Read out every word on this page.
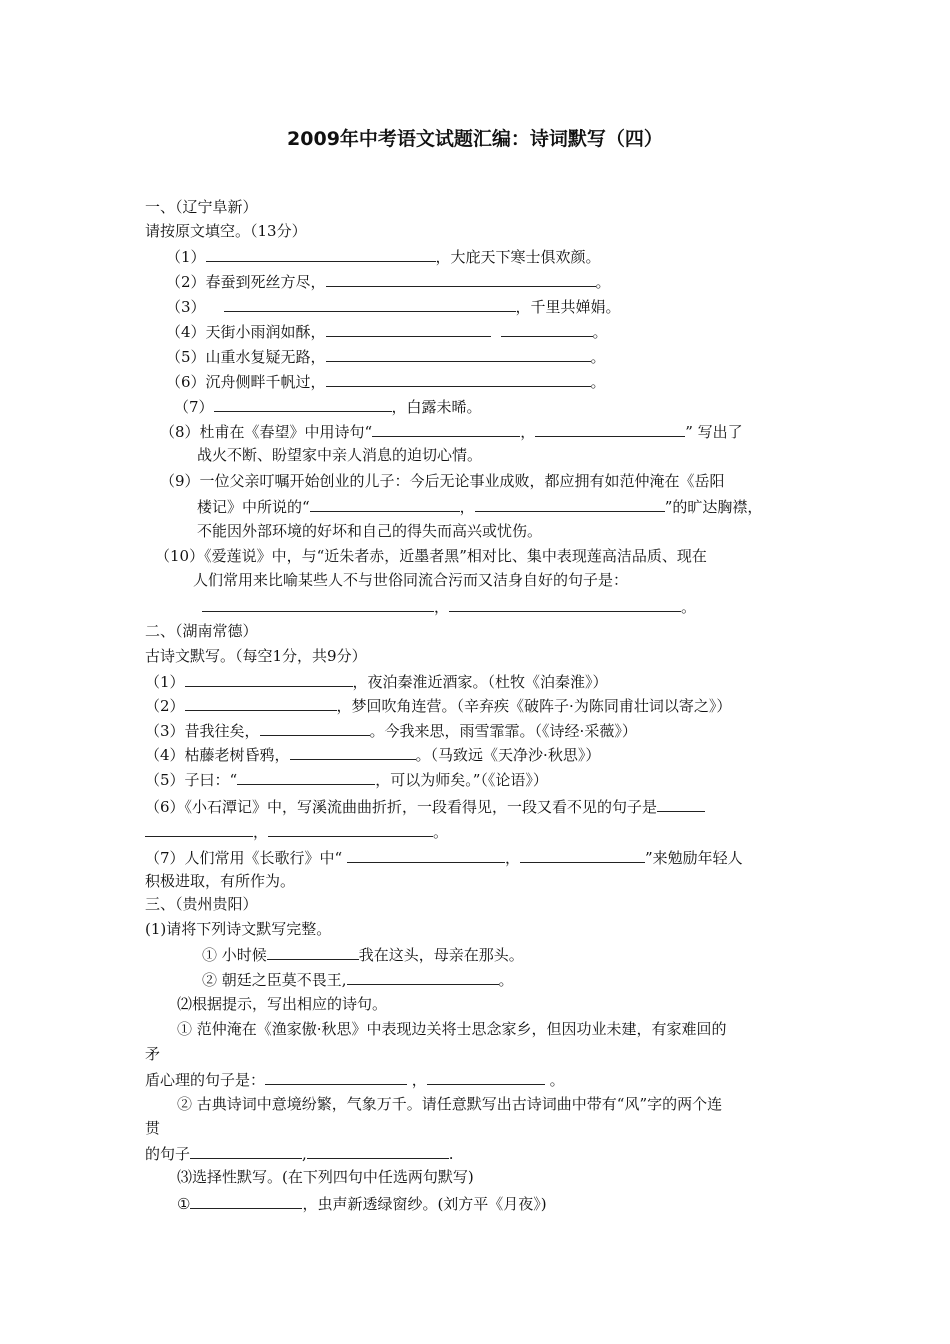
2009年中考语文试题汇编：诗词默写（四）
一、（辽宁阜新）
请按原文填空。（13分）
（1）	，大庇天下寒士俱欢颜。
（2）春蚕到死丝方尽，	。
（3）	，千里共婵娟。
（4）天街小雨润如酥，	。
（5）山重水复疑无路，	。
（6）沉舟侧畔千帆过，	。
（7）	，白露未晞。
（8）杜甫在《春望》中用诗句“	，	” 写出了
战火不断、盼望家中亲人消息的迫切心情。
（9）一位父亲叮嘱开始创业的儿子：今后无论事业成败，都应拥有如范仲淹在《岳阳
楼记》中所说的“	，	”的旷达胸襟，
不能因外部环境的好坏和自己的得失而高兴或忧伤。
（10）《爱莲说》中，与“近朱者赤，近墨者黑”相对比、集中表现莲高洁品质、现在
人们常用来比喻某些人不与世俗同流合污而又洁身自好的句子是：
，	。
二、（湖南常德）
古诗文默写。（每空1分，共9分）
（1）	，夜泊秦淮近酒家。（杜牧《泊秦淮》）
（2）	，梦回吹角连营。（辛弃疾《破阵子·为陈同甫壮词以寄之》）
（3）昔我往矣，	。今我来思，雨雪霏霏。（《诗经·采薇》）
（4）枯藤老树昏鸦，	。（马致远《天净沙·秋思》）
（5）子曰：“	，可以为师矣。”（《论语》）
（6）《小石潭记》中，写溪流曲曲折折，一段看得见，一段又看不见的句子是
，	。
（7）人们常用《长歌行》中“	，	”来勉励年轻人
积极进取，有所作为。
三、（贵州贵阳）
(1)请将下列诗文默写完整。
① 小时候	我在这头，母亲在那头。
② 朝廷之臣莫不畏王,	。
⑵根据提示，写出相应的诗句。
① 范仲淹在《渔家傲·秋思》中表现边关将士思念家乡，但因功业未建，有家难回的
矛
盾心理的句子是：	，	。
② 古典诗词中意境纷繁，气象万千。请任意默写出古诗词曲中带有“风”字的两个连
贯
的句子	,	.
⑶选择性默写。(在下列四句中任选两句默写)
①	，虫声新透绿窗纱。(刘方平《月夜》)
